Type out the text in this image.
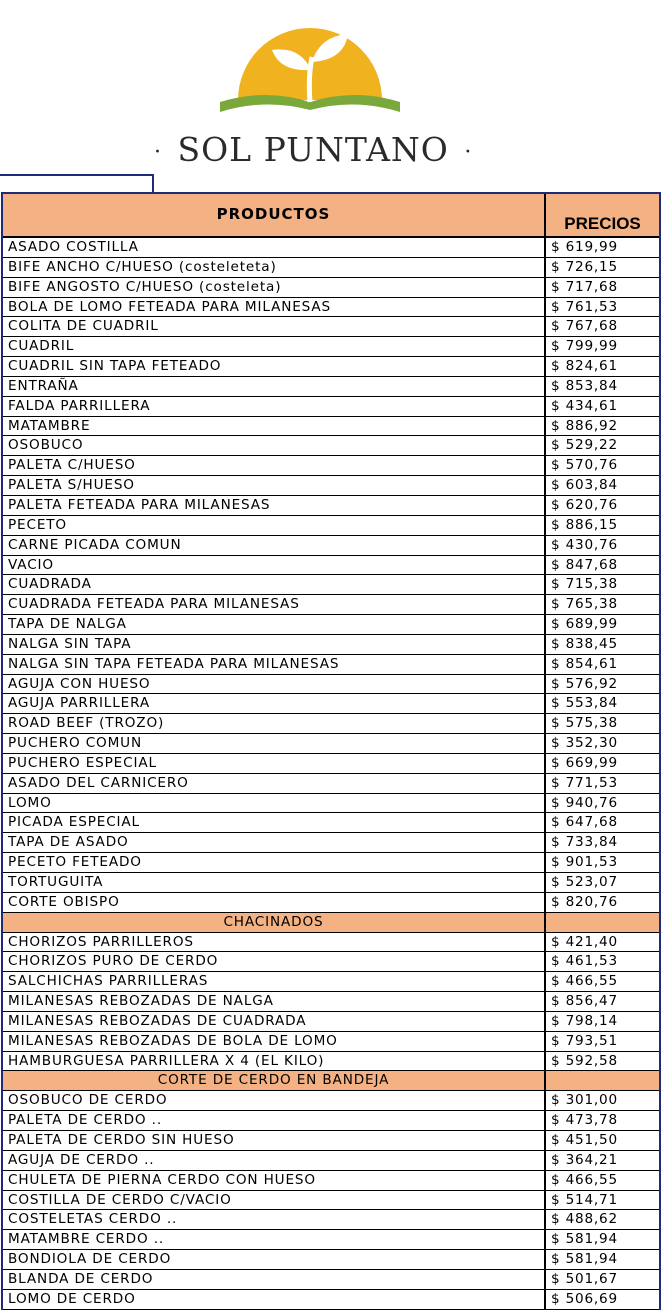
· SOL PUNTANO ·
PRODUCTOS	PRECIOS
ASADO COSTILLA	$ 619,99
BIFE ANCHO C/HUESO (costeleteta)	$ 726,15
BIFE ANGOSTO C/HUESO (costeleta)	$ 717,68
BOLA DE LOMO FETEADA PARA MILANESAS	$ 761,53
COLITA DE CUADRIL	$ 767,68
CUADRIL	$ 799,99
CUADRIL SIN TAPA FETEADO	$ 824,61
ENTRAÑA	$ 853,84
FALDA PARRILLERA	$ 434,61
MATAMBRE	$ 886,92
OSOBUCO	$ 529,22
PALETA C/HUESO	$ 570,76
PALETA S/HUESO	$ 603,84
PALETA FETEADA PARA MILANESAS	$ 620,76
PECETO	$ 886,15
CARNE PICADA COMUN	$ 430,76
VACIO	$ 847,68
CUADRADA	$ 715,38
CUADRADA FETEADA PARA MILANESAS	$ 765,38
TAPA DE NALGA	$ 689,99
NALGA SIN TAPA	$ 838,45
NALGA SIN TAPA FETEADA PARA MILANESAS	$ 854,61
AGUJA CON HUESO	$ 576,92
AGUJA PARRILLERA	$ 553,84
ROAD BEEF (TROZO)	$ 575,38
PUCHERO COMUN	$ 352,30
PUCHERO ESPECIAL	$ 669,99
ASADO DEL CARNICERO	$ 771,53
LOMO	$ 940,76
PICADA ESPECIAL	$ 647,68
TAPA DE ASADO	$ 733,84
PECETO FETEADO	$ 901,53
TORTUGUITA	$ 523,07
CORTE OBISPO	$ 820,76
CHACINADOS
CHORIZOS PARRILLEROS	$ 421,40
CHORIZOS PURO DE CERDO	$ 461,53
SALCHICHAS PARRILLERAS	$ 466,55
MILANESAS REBOZADAS DE NALGA	$ 856,47
MILANESAS REBOZADAS DE CUADRADA	$ 798,14
MILANESAS REBOZADAS DE BOLA DE LOMO	$ 793,51
HAMBURGUESA PARRILLERA X 4 (EL KILO)	$ 592,58
CORTE DE CERDO EN BANDEJA
OSOBUCO DE CERDO	$ 301,00
PALETA DE CERDO ..	$ 473,78
PALETA DE CERDO SIN HUESO	$ 451,50
AGUJA DE CERDO ..	$ 364,21
CHULETA DE PIERNA CERDO CON HUESO	$ 466,55
COSTILLA DE CERDO C/VACIO	$ 514,71
COSTELETAS CERDO ..	$ 488,62
MATAMBRE CERDO ..	$ 581,94
BONDIOLA DE CERDO	$ 581,94
BLANDA DE CERDO	$ 501,67
LOMO DE CERDO	$ 506,69
